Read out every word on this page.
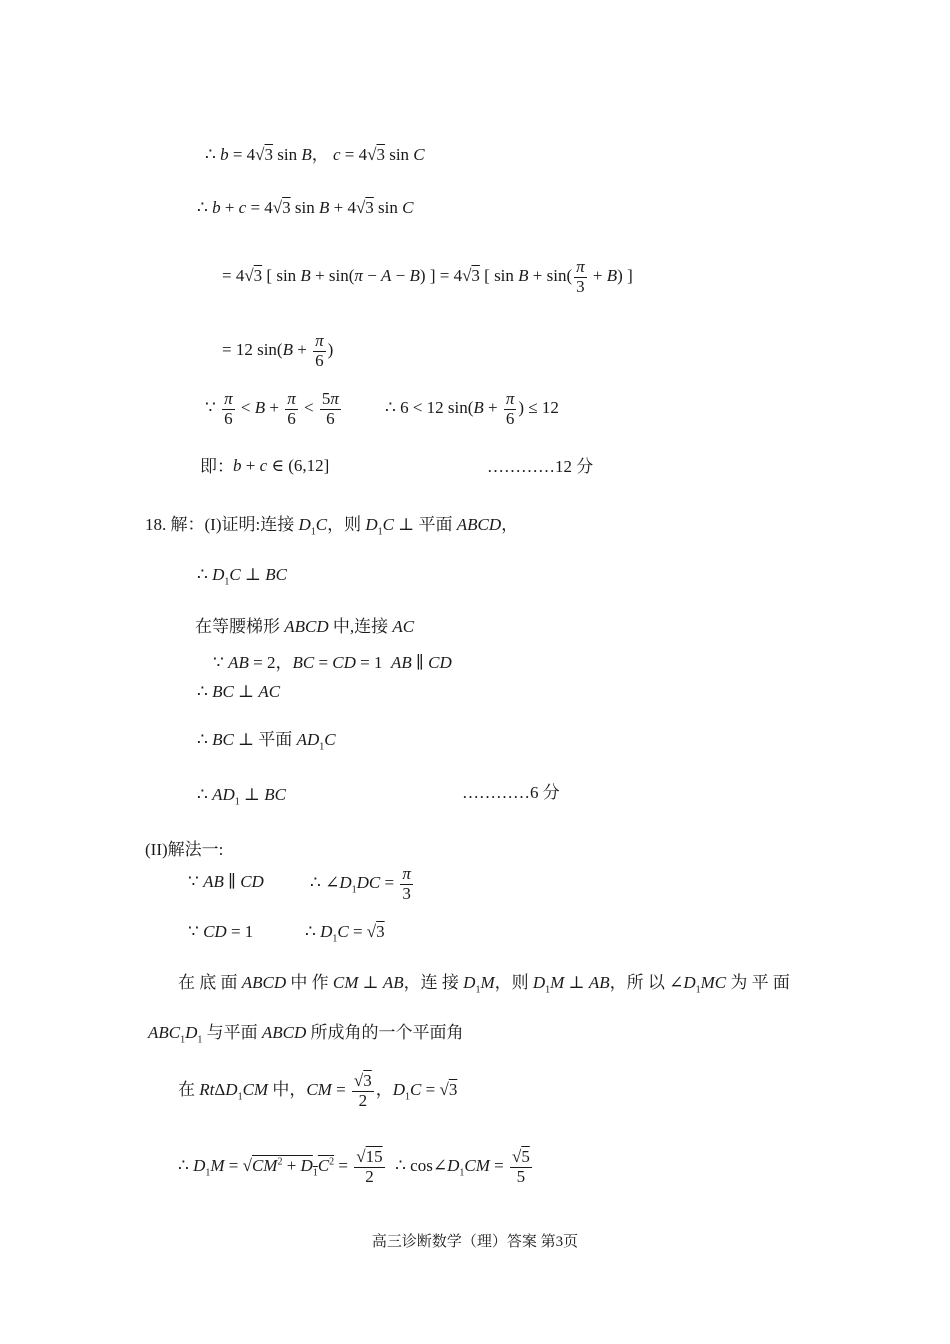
∴ b = 4√3 sin B， c = 4√3 sin C
∴ b + c = 4√3 sin B + 4√3 sin C
= 4√3 [ sin B + sin(π − A − B) ] = 4√3 [ $\sin B + \sin( \frac{\pi}{3} + B)$ ]
= 12 $\sin(B + \frac{\pi}{6}$ )
∵ $\frac{\pi}{6} < B + \frac{\pi}{6} < \frac{5\pi}{6}$	∴ 6 < 12 $\sin(B + \frac{\pi}{6}$ ) ≤ 12
即： b + c ∈ (6,12]	…………12 分
18. 解：(I)证明:连接 $D_1C$，则 $D_1C$ ⊥ 平面 ABCD，
∴ $D_1C$ ⊥ BC
在等腰梯形 ABCD 中,连接 AC
∵ AB = 2，BC = CD = 1  AB ∥ CD
∴ BC ⊥ AC
∴ BC ⊥ 平面 $AD_1C$
∴ $AD_1$ ⊥ BC	…………6 分
(II)解法一:
∵ AB ∥ CD	∴ $\angle D_1DC = \frac{\pi}{3}$
∵ CD = 1	∴ $D_1C = √3$
在 底 面 ABCD 中 作 CM ⊥ AB，连 接 $D_1M$，则 $D_1M$ ⊥ AB，所 以 $\angle D_1MC$ 为 平 面
$ABC_1D_1$ 与平面 ABCD 所成角的一个平面角
在 RtΔD$_1$CM 中，CM = $\frac{√3}{2}$ ，$D_1C = √3$
∴ $D_1M = √CM^2 + D_1C^2 = \frac{√15}{2}$ ∴ $\cos\angle D_1CM = \frac{√5}{5}$
高三诊断数学（理）答案 第3页
